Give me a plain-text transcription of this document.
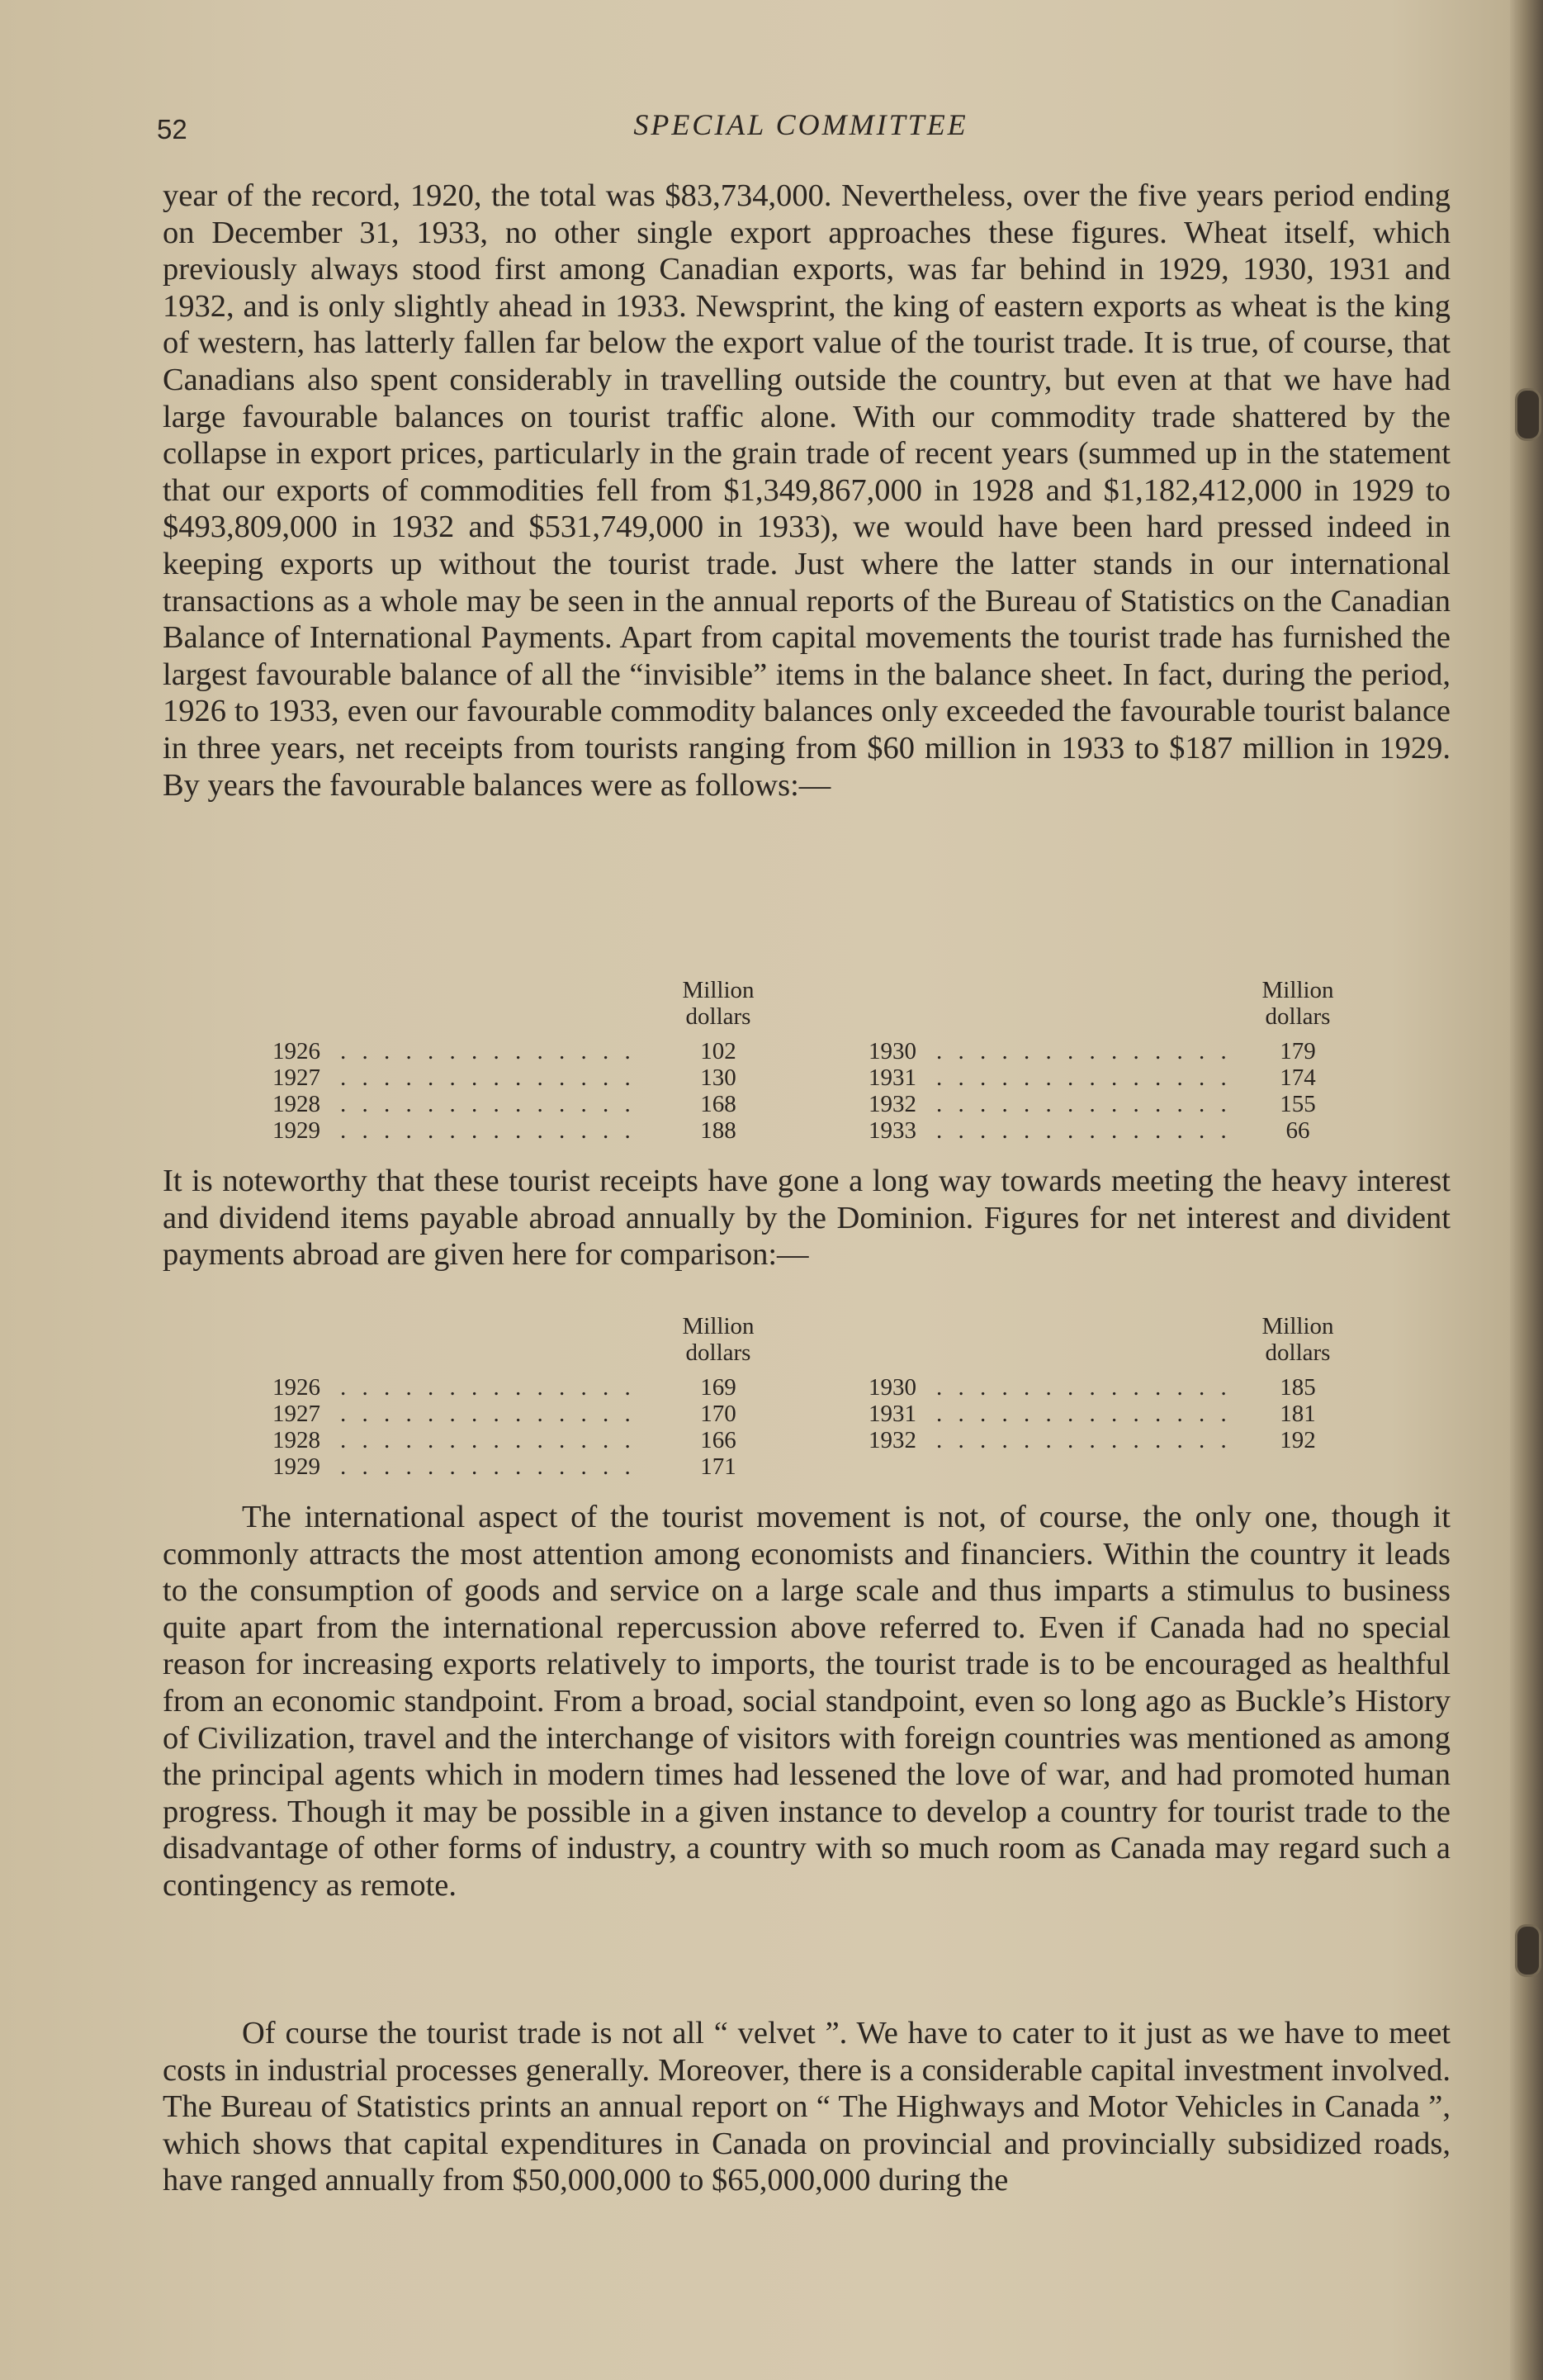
52	SPECIAL COMMITTEE

year of the record, 1920, the total was $83,734,000. Nevertheless, over the five years period ending on December 31, 1933, no other single export approaches these figures. Wheat itself, which previously always stood first among Canadian exports, was far behind in 1929, 1930, 1931 and 1932, and is only slightly ahead in 1933. Newsprint, the king of eastern exports as wheat is the king of western, has latterly fallen far below the export value of the tourist trade. It is true, of course, that Canadians also spent considerably in travelling outside the country, but even at that we have had large favourable balances on tourist traffic alone. With our commodity trade shattered by the collapse in export prices, particularly in the grain trade of recent years (summed up in the statement that our exports of commodities fell from $1,349,867,000 in 1928 and $1,182,412,000 in 1929 to $493,809,000 in 1932 and $531,749,000 in 1933), we would have been hard pressed indeed in keeping exports up without the tourist trade. Just where the latter stands in our international transactions as a whole may be seen in the annual reports of the Bureau of Statistics on the Canadian Balance of International Payments. Apart from capital movements the tourist trade has furnished the largest favourable balance of all the “invisible” items in the balance sheet. In fact, during the period, 1926 to 1933, even our favourable commodity balances only exceeded the favourable tourist balance in three years, net receipts from tourists ranging from $60 million in 1933 to $187 million in 1929. By years the favourable balances were as follows:—

Million
dollars
1926 . . . . . . . . . . . . . .	102
1927 . . . . . . . . . . . . . .	130
1928 . . . . . . . . . . . . . .	168
1929 . . . . . . . . . . . . . .	188
Million
dollars
1930 . . . . . . . . . . . . . .	179
1931 . . . . . . . . . . . . . .	174
1932 . . . . . . . . . . . . . .	155
1933 . . . . . . . . . . . . . .	66

It is noteworthy that these tourist receipts have gone a long way towards meeting the heavy interest and dividend items payable abroad annually by the Dominion. Figures for net interest and divident payments abroad are given here for comparison:—

Million
dollars
1926 . . . . . . . . . . . . . .	169
1927 . . . . . . . . . . . . . .	170
1928 . . . . . . . . . . . . . .	166
1929 . . . . . . . . . . . . . .	171
Million
dollars
1930 . . . . . . . . . . . . . .	185
1931 . . . . . . . . . . . . . .	181
1932 . . . . . . . . . . . . . .	192

The international aspect of the tourist movement is not, of course, the only one, though it commonly attracts the most attention among economists and financiers. Within the country it leads to the consumption of goods and service on a large scale and thus imparts a stimulus to business quite apart from the international repercussion above referred to. Even if Canada had no special reason for increasing exports relatively to imports, the tourist trade is to be encouraged as healthful from an economic standpoint. From a broad, social standpoint, even so long ago as Buckle’s History of Civilization, travel and the interchange of visitors with foreign countries was mentioned as among the principal agents which in modern times had lessened the love of war, and had promoted human progress. Though it may be possible in a given instance to develop a country for tourist trade to the disadvantage of other forms of industry, a country with so much room as Canada may regard such a contingency as remote.

Of course the tourist trade is not all “ velvet ”. We have to cater to it just as we have to meet costs in industrial processes generally. Moreover, there is a considerable capital investment involved. The Bureau of Statistics prints an annual report on “ The Highways and Motor Vehicles in Canada ”, which shows that capital expenditures in Canada on provincial and provincially subsidized roads, have ranged annually from $50,000,000 to $65,000,000 during the
